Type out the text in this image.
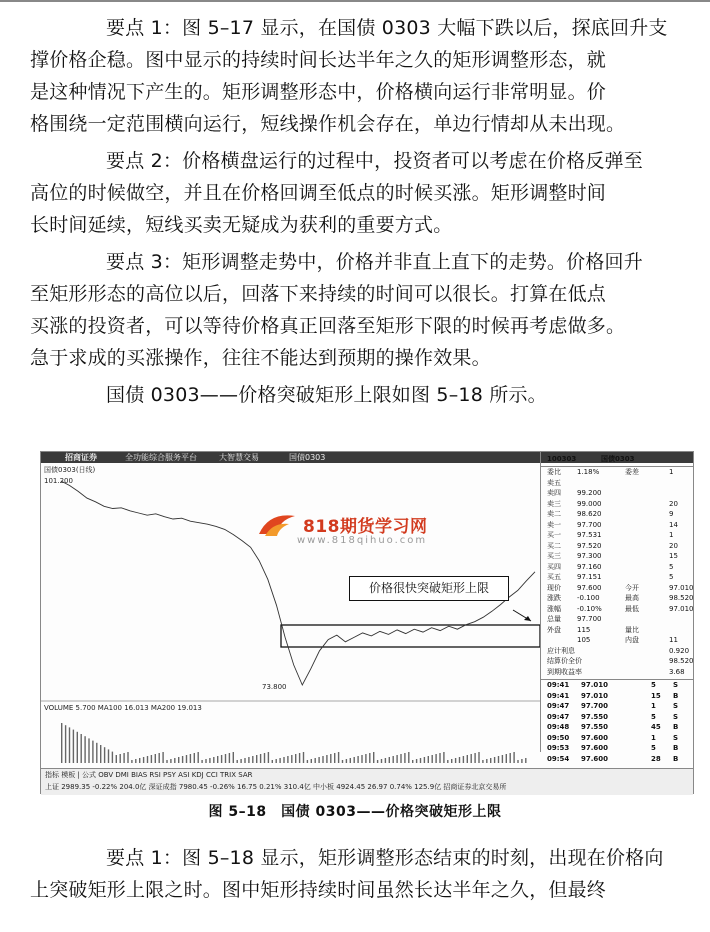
要点 1：图 5–17 显示，在国债 0303 大幅下跌以后，探底回升支
撑价格企稳。图中显示的持续时间长达半年之久的矩形调整形态，就
是这种情况下产生的。矩形调整形态中，价格横向运行非常明显。价
格围绕一定范围横向运行，短线操作机会存在，单边行情却从未出现。

要点 2：价格横盘运行的过程中，投资者可以考虑在价格反弹至
高位的时候做空，并且在价格回调至低点的时候买涨。矩形调整时间
长时间延续，短线买卖无疑成为获利的重要方式。

要点 3：矩形调整走势中，价格并非直上直下的走势。价格回升
至矩形形态的高位以后，回落下来持续的时间可以很长。打算在低点
买涨的投资者，可以等待价格真正回落至矩形下限的时候再考虑做多。
急于求成的买涨操作，往往不能达到预期的操作效果。

国债 0303——价格突破矩形上限如图 5–18 所示。

招商证券	全功能综合服务平台	大智慧交易	国债0303
国债0303(日线)
101.200
73.800
VOLUME 5.700 MA100 16.013 MA200 19.013
818期货学习网
www.818qihuo.com
价格很快突破矩形上限
100303	国债0303
委比 1.18%	委差	1
卖五
卖四 99.200
卖三 99.000	20
卖二 98.620	9
卖一 97.700	14
买一 97.531	1
买二 97.520	20
买三 97.300	15
买四 97.160	5
买五 97.151	5
现价 97.600	今开	97.010
涨跌 -0.100	最高	98.520
涨幅 -0.10%	最低	97.010
总量 97.700
外盘 115	量比
105	内盘	11
应计利息	0.920
结算价全价	98.520
到期收益率	3.68
09:41 97.010	5 S
09:41 97.010	15 B
09:47 97.700	1 S
09:47 97.550	5 S
09:48 97.550	45 B
09:50 97.600	1 S
09:53 97.600	5 B
09:54 97.600	28 B
指标 模板 | 公式 OBV DMI BIAS RSI PSY ASI KDJ CCI TRIX SAR
上证 2989.35 -0.22% 204.0亿 深证成指 7980.45 -0.26% 16.75 0.21% 310.4亿 中小板 4924.45 26.97 0.74% 125.9亿 招商证券北京交易所
图 5–18　国债 0303——价格突破矩形上限

要点 1：图 5–18 显示，矩形调整形态结束的时刻，出现在价格向
上突破矩形上限之时。图中矩形持续时间虽然长达半年之久，但最终
